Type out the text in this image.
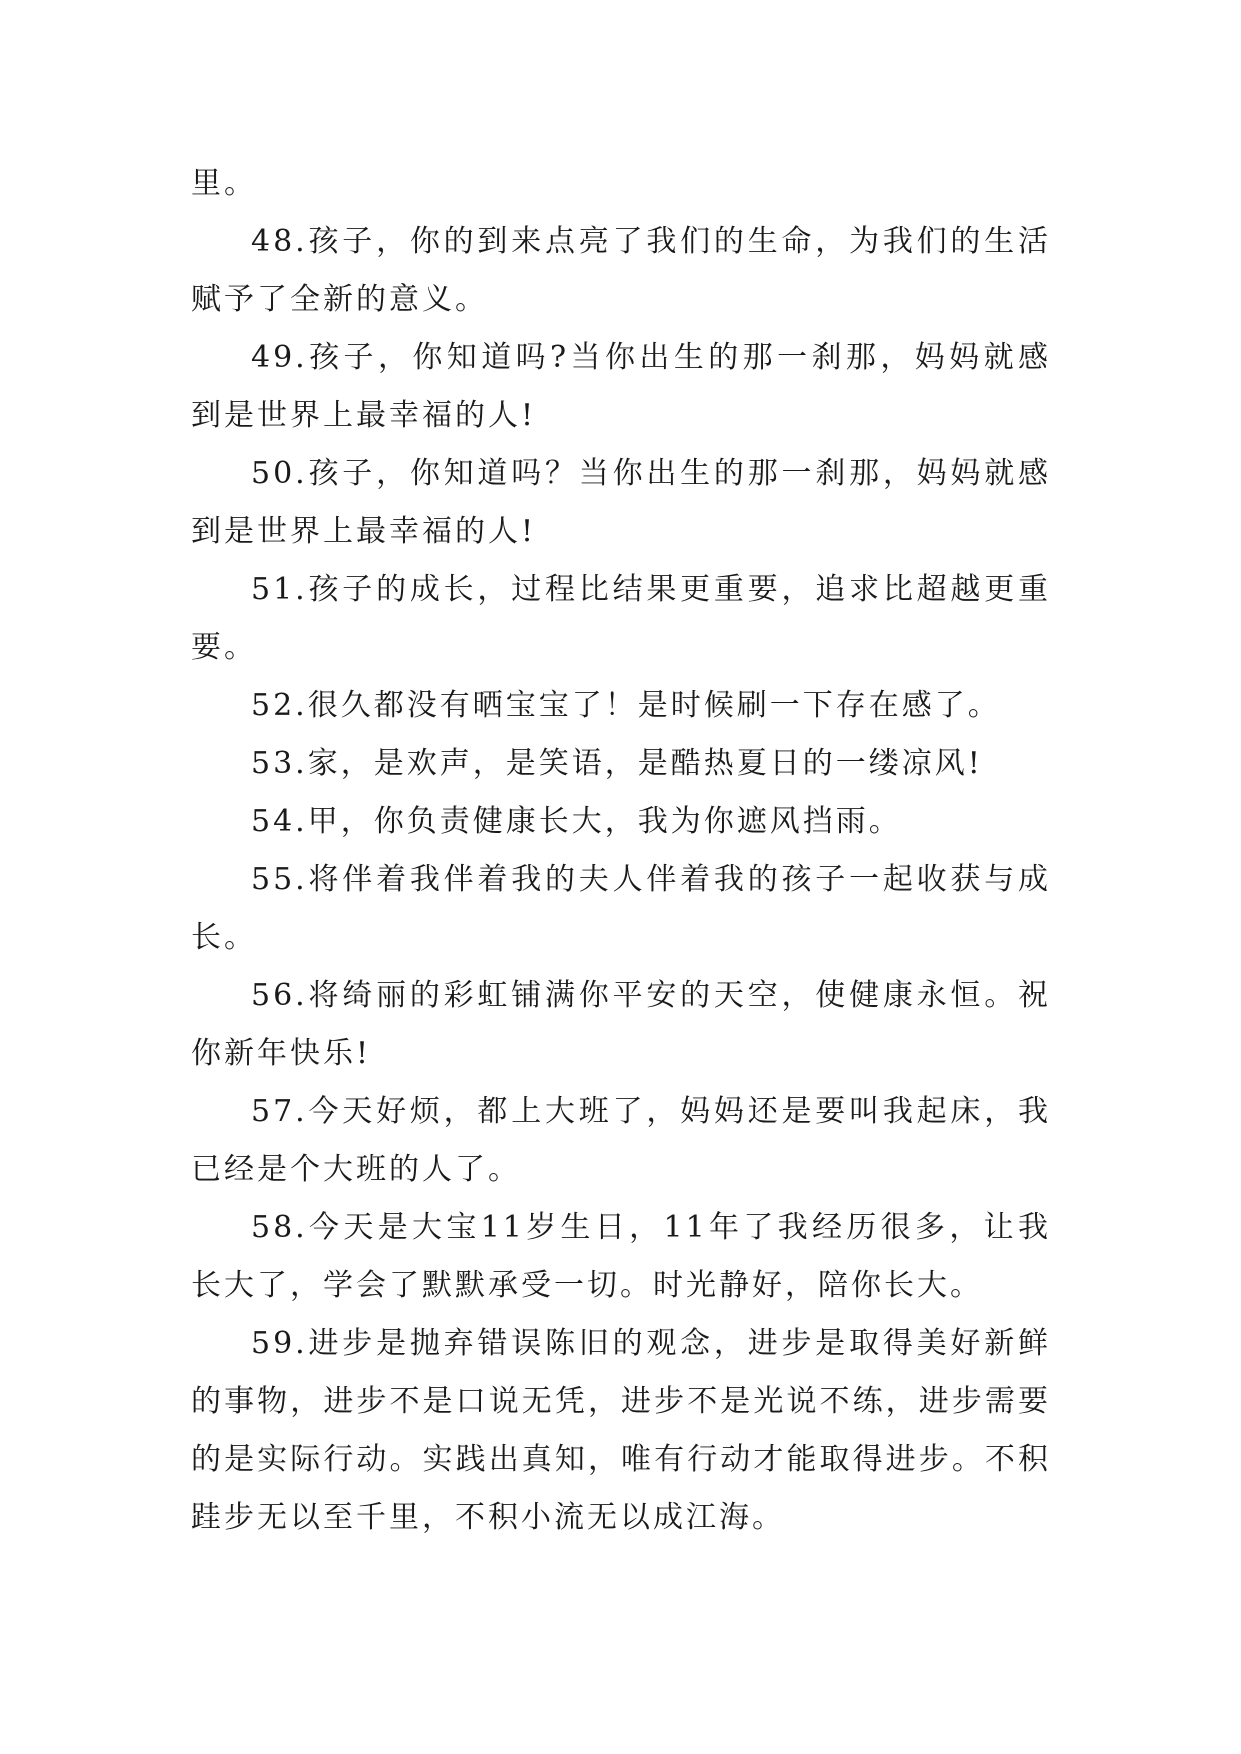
里。

48.孩子，你的到来点亮了我们的生命，为我们的生活赋予了全新的意义。

49.孩子，你知道吗?当你出生的那一刹那，妈妈就感到是世界上最幸福的人!

50.孩子，你知道吗？当你出生的那一刹那，妈妈就感到是世界上最幸福的人!

51.孩子的成长，过程比结果更重要，追求比超越更重要。

52.很久都没有晒宝宝了！是时候刷一下存在感了。

53.家，是欢声，是笑语，是酷热夏日的一缕凉风!

54.甲，你负责健康长大，我为你遮风挡雨。

55.将伴着我伴着我的夫人伴着我的孩子一起收获与成长。

56.将绮丽的彩虹铺满你平安的天空，使健康永恒。祝你新年快乐!

57.今天好烦，都上大班了，妈妈还是要叫我起床，我已经是个大班的人了。

58.今天是大宝11岁生日，11年了我经历很多，让我长大了，学会了默默承受一切。时光静好，陪你长大。

59.进步是抛弃错误陈旧的观念，进步是取得美好新鲜的事物，进步不是口说无凭，进步不是光说不练，进步需要的是实际行动。实践出真知，唯有行动才能取得进步。不积跬步无以至千里，不积小流无以成江海。
